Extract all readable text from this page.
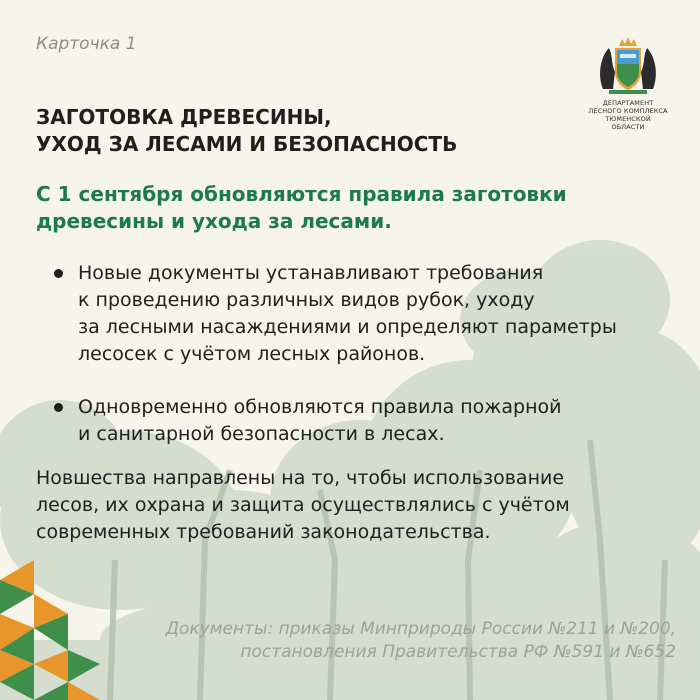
Карточка 1
ДЕПАРТАМЕНТ
ЛЕСНОГО КОМПЛЕКСА
ТЮМЕНСКОЙ ОБЛАСТИ
ЗАГОТОВКА ДРЕВЕСИНЫ,
УХОД ЗА ЛЕСАМИ И БЕЗОПАСНОСТЬ
С 1 сентября обновляются правила заготовки
древесины и ухода за лесами.
Новые документы устанавливают требования
к проведению различных видов рубок, уходу
за лесными насаждениями и определяют параметры
лесосек с учётом лесных районов.
Одновременно обновляются правила пожарной
и санитарной безопасности в лесах.
Новшества направлены на то, чтобы использование
лесов, их охрана и защита осуществлялись с учётом
современных требований законодательства.
Документы: приказы Минприроды России №211 и №200,
постановления Правительства РФ №591 и №652
